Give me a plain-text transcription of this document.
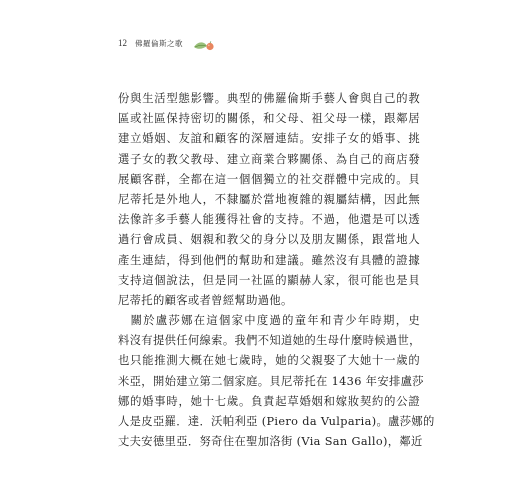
12 佛羅倫斯之歌

份與生活型態影響。典型的佛羅倫斯手藝人會與自己的教
區或社區保持密切的關係，和父母、祖父母一樣，跟鄰居
建立婚姻、友誼和顧客的深層連結。安排子女的婚事、挑
選子女的教父教母、建立商業合夥關係、為自己的商店發
展顧客群，全都在這一個個獨立的社交群體中完成的。貝
尼蒂托是外地人，不隸屬於當地複雜的親屬結構，因此無
法像許多手藝人能獲得社會的支持。不過，他還是可以透
過行會成員、姻親和教父的身分以及朋友關係，跟當地人
產生連結，得到他們的幫助和建議。雖然沒有具體的證據
支持這個說法，但是同一社區的顯赫人家，很可能也是貝
尼蒂托的顧客或者曾經幫助過他。

　關於盧莎娜在這個家中度過的童年和青少年時期，史
料沒有提供任何線索。我們不知道她的生母什麼時候過世，
也只能推測大概在她七歲時，她的父親娶了大她十一歲的
米亞，開始建立第二個家庭。貝尼蒂托在 1436 年安排盧莎
娜的婚事時，她十七歲。負責起草婚姻和嫁妝契約的公證
人是皮亞羅．達．沃帕利亞 (Piero da Vulparia)。盧莎娜的
丈夫安德里亞．努奇住在聖加洛街 (Via San Gallo)，鄰近
